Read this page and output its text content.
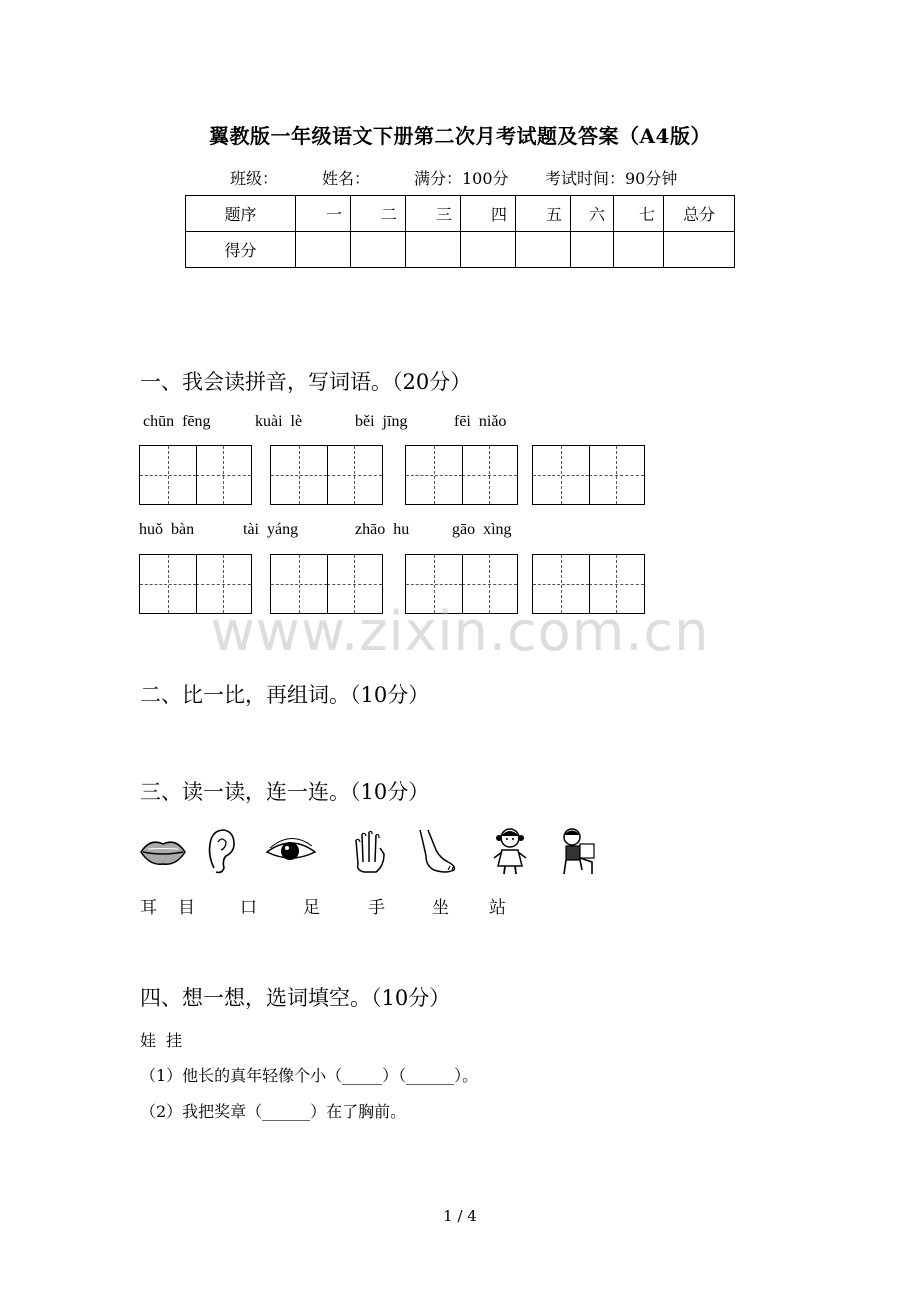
翼教版一年级语文下册第二次月考试题及答案（A4版）
班级：	姓名：	满分：100分 考试时间：90分钟
题序	一	二	三	四	五	六	七	总分
得分								
一、我会读拼音，写词语。（20分）
chūn  fēng	kuài  lè	běi  jīng	fēi  niǎo
huǒ  bàn	tài  yáng	zhāo  hu	gāo  xìng
www.zixin.com.cn
二、比一比，再组词。（10分）
三、读一读，连一连。（10分）
耳 目	口	足	手	坐 站
四、想一想，选词填空。（10分）
娃  挂
（1）他长的真年轻像个小（_____）（______）。
（2）我把奖章（______）在了胸前。
1 / 4
